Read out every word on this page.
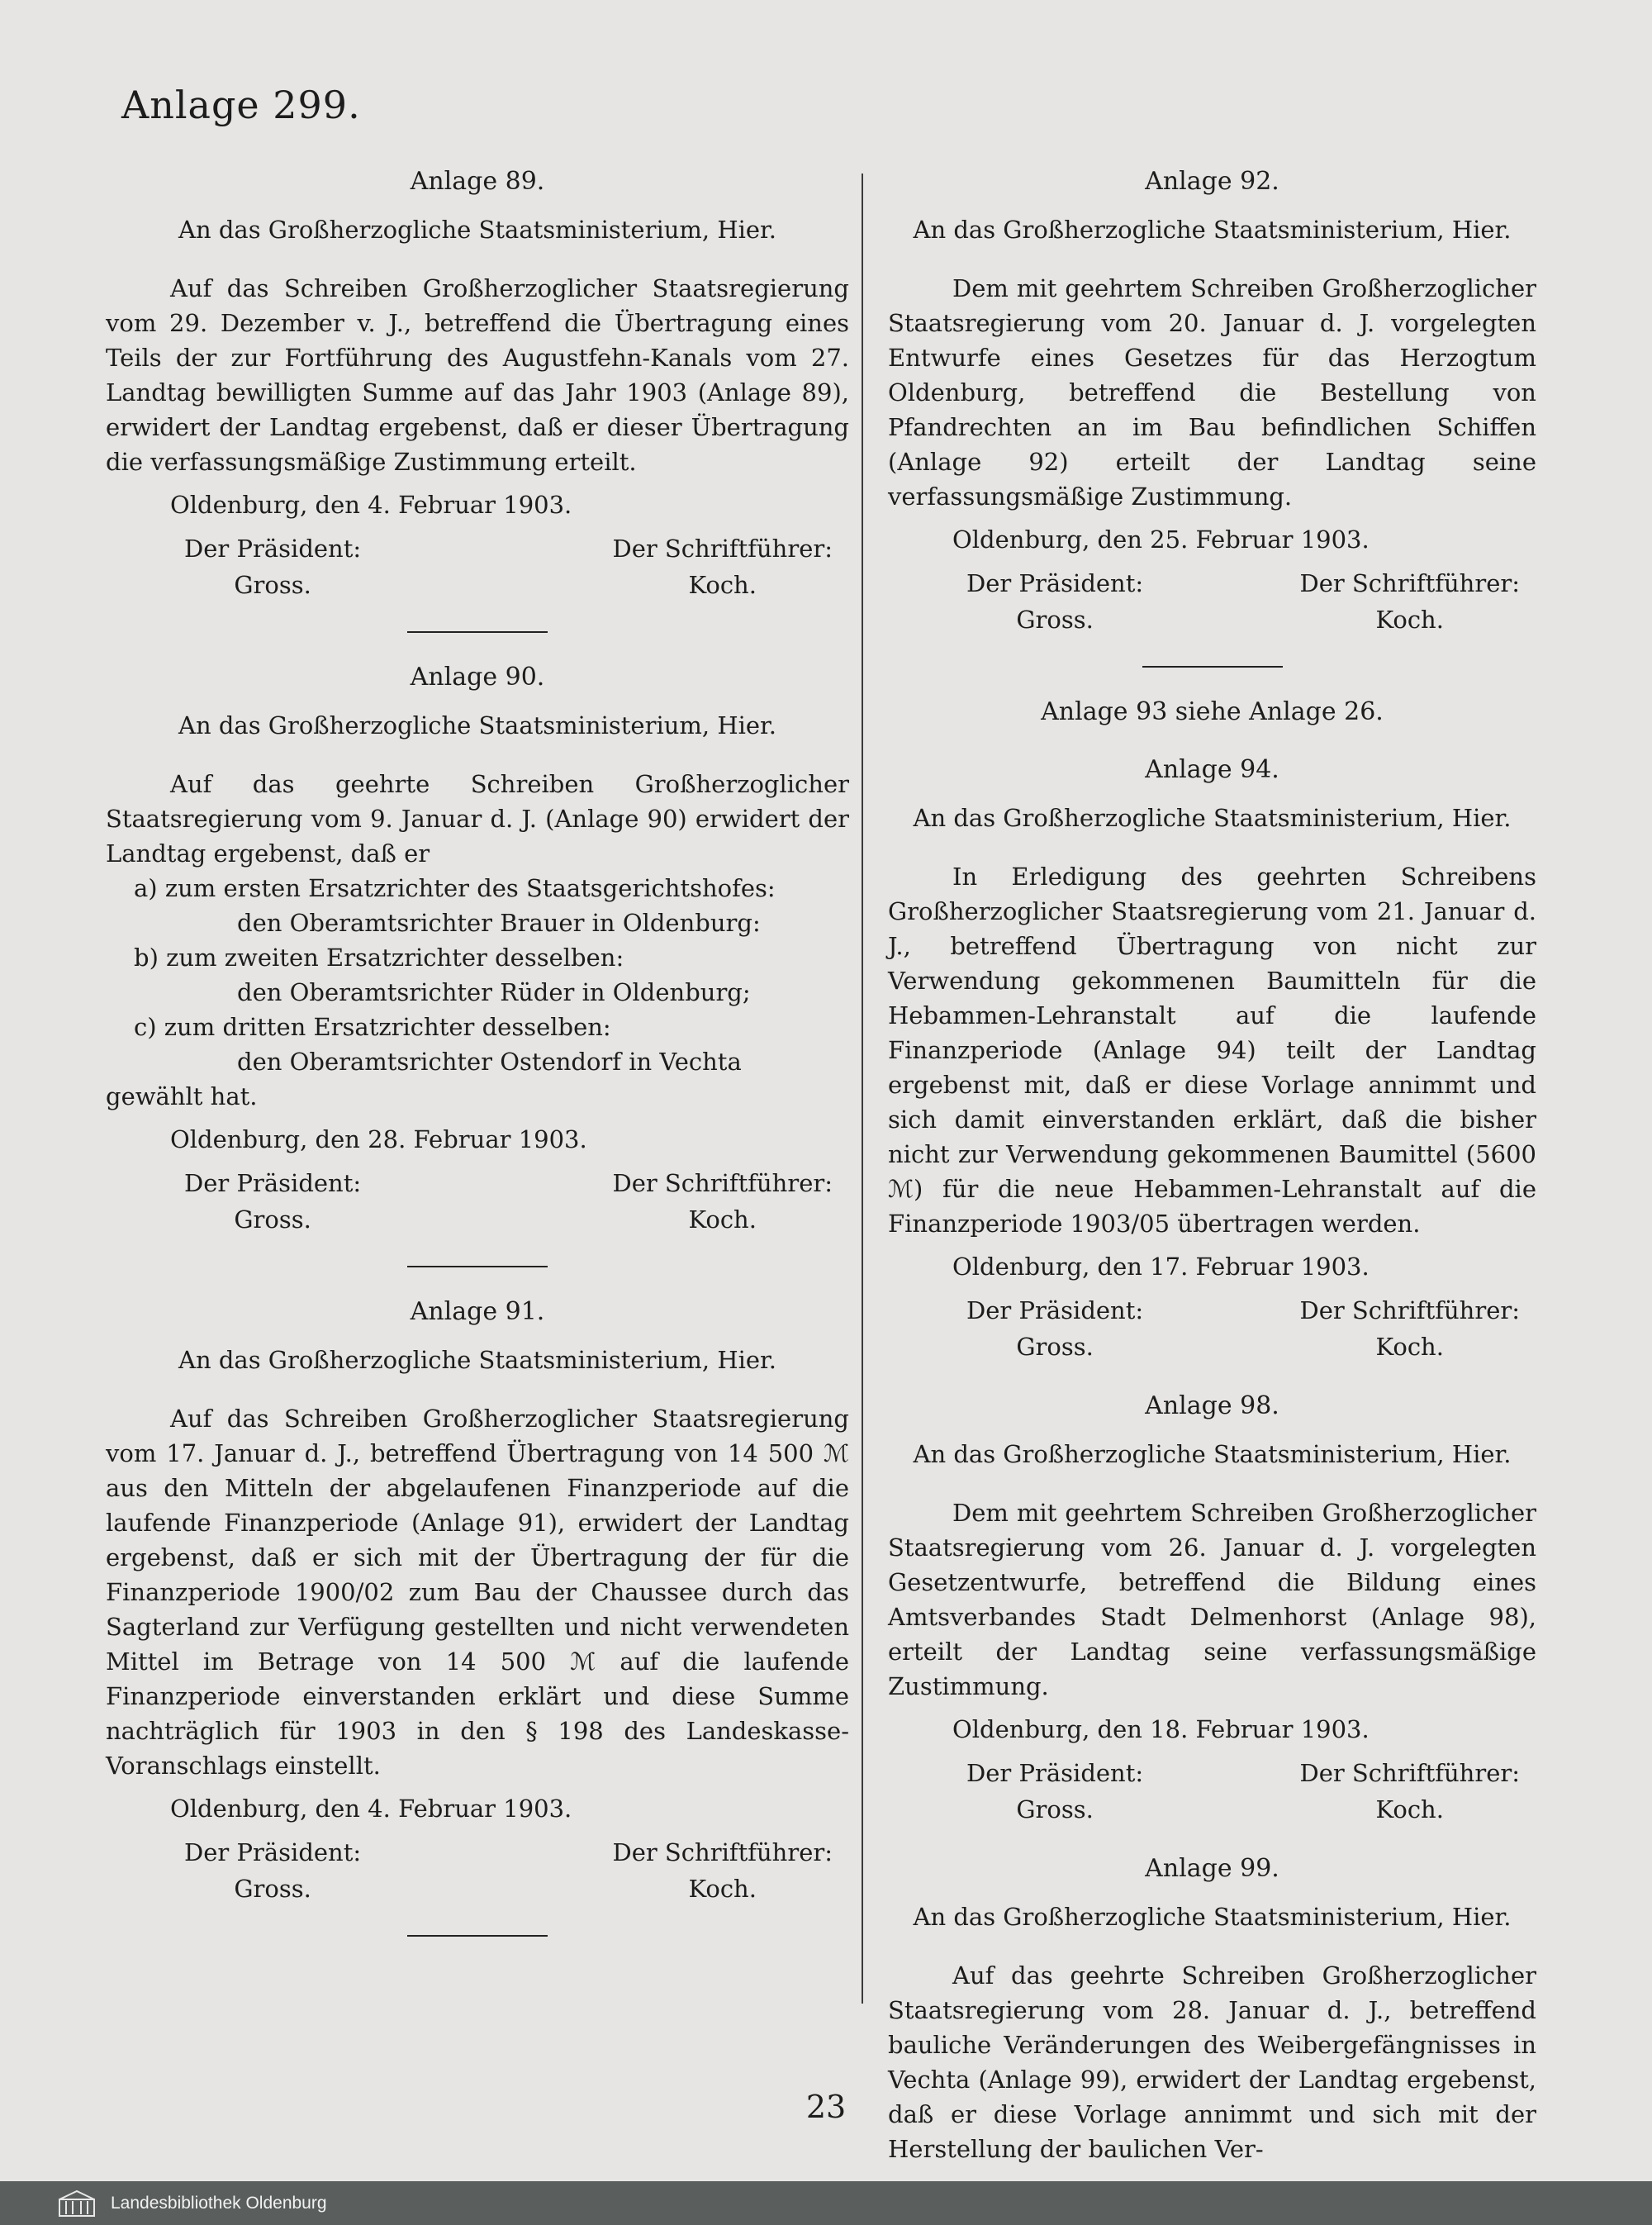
Anlage 299.
Anlage 89.
An das Großherzogliche Staatsministerium, Hier.

Auf das Schreiben Großherzoglicher Staatsregierung vom 29. Dezember v. J., betreffend die Übertragung eines Teils der zur Fortführung des Augustfehn-Kanals vom 27. Landtag bewilligten Summe auf das Jahr 1903 (Anlage 89), erwidert der Landtag ergebenst, daß er dieser Übertragung die verfassungsmäßige Zustimmung erteilt.

Oldenburg, den 4. Februar 1903.
Der Präsident:
Gross.
Der Schriftführer:
Koch.
Anlage 90.
An das Großherzogliche Staatsministerium, Hier.

Auf das geehrte Schreiben Großherzoglicher Staatsregierung vom 9. Januar d. J. (Anlage 90) erwidert der Landtag ergebenst, daß er

a) zum ersten Ersatzrichter des Staatsgerichtshofes:
den Oberamtsrichter Brauer in Oldenburg:
b) zum zweiten Ersatzrichter desselben:
den Oberamtsrichter Rüder in Oldenburg;
c) zum dritten Ersatzrichter desselben:
den Oberamtsrichter Ostendorf in Vechta

gewählt hat.

Oldenburg, den 28. Februar 1903.
Der Präsident:
Gross.
Der Schriftführer:
Koch.
Anlage 91.
An das Großherzogliche Staatsministerium, Hier.

Auf das Schreiben Großherzoglicher Staatsregierung vom 17. Januar d. J., betreffend Übertragung von 14 500 ℳ aus den Mitteln der abgelaufenen Finanzperiode auf die laufende Finanzperiode (Anlage 91), erwidert der Landtag ergebenst, daß er sich mit der Übertragung der für die Finanzperiode 1900/02 zum Bau der Chaussee durch das Sagterland zur Verfügung gestellten und nicht verwendeten Mittel im Betrage von 14 500 ℳ auf die laufende Finanzperiode einverstanden erklärt und diese Summe nachträglich für 1903 in den § 198 des Landeskasse-Voranschlags einstellt.

Oldenburg, den 4. Februar 1903.
Der Präsident:
Gross.
Der Schriftführer:
Koch.
Anlage 92.
An das Großherzogliche Staatsministerium, Hier.

Dem mit geehrtem Schreiben Großherzoglicher Staatsregierung vom 20. Januar d. J. vorgelegten Entwurfe eines Gesetzes für das Herzogtum Oldenburg, betreffend die Bestellung von Pfandrechten an im Bau befindlichen Schiffen (Anlage 92) erteilt der Landtag seine verfassungsmäßige Zustimmung.

Oldenburg, den 25. Februar 1903.
Der Präsident:
Gross.
Der Schriftführer:
Koch.
Anlage 93 siehe Anlage 26.
Anlage 94.
An das Großherzogliche Staatsministerium, Hier.

In Erledigung des geehrten Schreibens Großherzoglicher Staatsregierung vom 21. Januar d. J., betreffend Übertragung von nicht zur Verwendung gekommenen Baumitteln für die Hebammen-Lehranstalt auf die laufende Finanzperiode (Anlage 94) teilt der Landtag ergebenst mit, daß er diese Vorlage annimmt und sich damit einverstanden erklärt, daß die bisher nicht zur Verwendung gekommenen Baumittel (5600 ℳ) für die neue Hebammen-Lehranstalt auf die Finanzperiode 1903/05 übertragen werden.

Oldenburg, den 17. Februar 1903.
Der Präsident:
Gross.
Der Schriftführer:
Koch.
Anlage 98.
An das Großherzogliche Staatsministerium, Hier.

Dem mit geehrtem Schreiben Großherzoglicher Staatsregierung vom 26. Januar d. J. vorgelegten Gesetzentwurfe, betreffend die Bildung eines Amtsverbandes Stadt Delmenhorst (Anlage 98), erteilt der Landtag seine verfassungsmäßige Zustimmung.

Oldenburg, den 18. Februar 1903.
Der Präsident:
Gross.
Der Schriftführer:
Koch.
Anlage 99.
An das Großherzogliche Staatsministerium, Hier.

Auf das geehrte Schreiben Großherzoglicher Staatsregierung vom 28. Januar d. J., betreffend bauliche Veränderungen des Weibergefängnisses in Vechta (Anlage 99), erwidert der Landtag ergebenst, daß er diese Vorlage annimmt und sich mit der Herstellung der baulichen Ver-

23
Landesbibliothek Oldenburg
